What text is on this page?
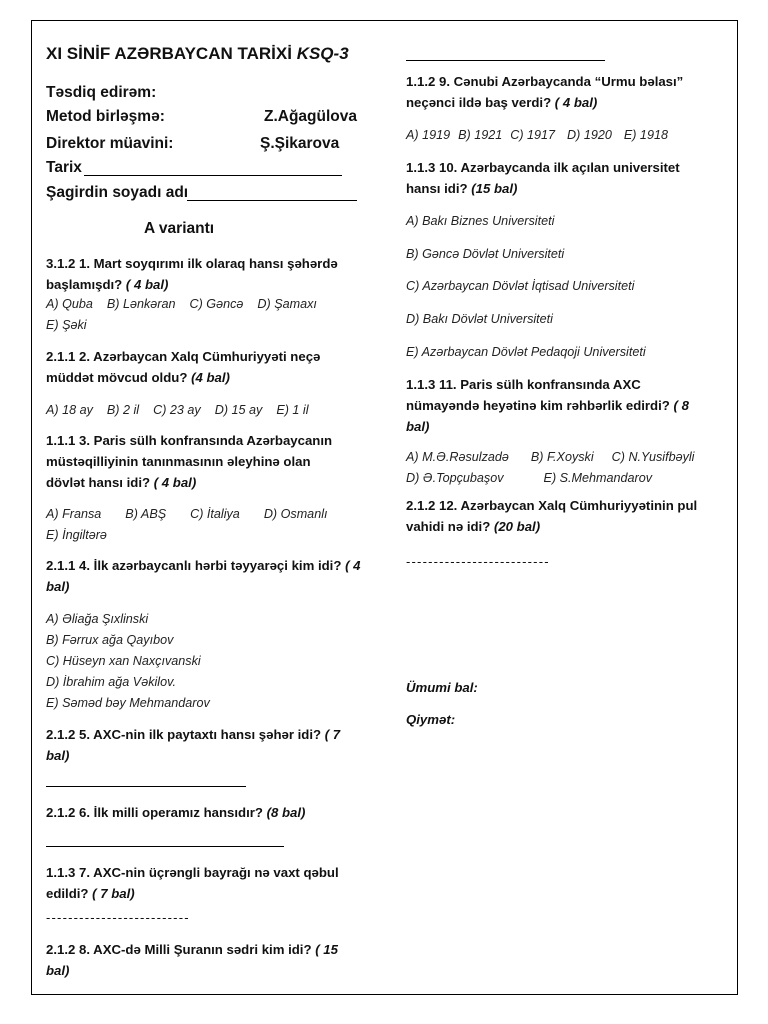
XI SİNİF AZƏRBAYCAN TARİXİ KSQ-3
Təsdiq edirəm:
Metod birləşmə:	Z.Ağagülova
Direktor müavini:	Ş.Şikarova
Tarix
Şagirdin soyadı adı
A variantı
3.1.2 1. Mart soyqırımı ilk olaraq hansı şəhərdə başlamışdı? ( 4 bal)
A) Quba B) Lənkəran C) Gəncə D) Şamaxı
E) Şəki
2.1.1 2. Azərbaycan Xalq Cümhuriyyəti neçə müddət mövcud oldu? (4 bal)
A) 18 ay B) 2 il C) 23 ay D) 15 ay E) 1 il
1.1.1 3. Paris sülh konfransında Azərbaycanın müstəqilliyinin tanınmasının əleyhinə olan dövlət hansı idi? ( 4 bal)
A) Fransa B) ABŞ C) İtaliya D) Osmanlı
E) İngiltərə
2.1.1 4. İlk azərbaycanlı hərbi təyyarəçi kim idi? ( 4 bal)
A) Əliağa Şıxlinski
B) Fərrux ağa Qayıbov
C) Hüseyn xan Naxçıvanski
D) İbrahim ağa Vəkilov.
E) Səməd bəy Mehmandarov
2.1.2 5. AXC-nin ilk paytaxtı hansı şəhər idi? ( 7 bal)
2.1.2 6. İlk milli operamız hansıdır? (8 bal)
1.1.3 7. AXC-nin üçrəngli bayrağı nə vaxt qəbul edildi? ( 7 bal)
--------------------------
2.1.2 8. AXC-də Milli Şuranın sədri kim idi? ( 15 bal)
1.1.2 9. Cənubi Azərbaycanda “Urmu bəlası” neçənci ildə baş verdi? ( 4 bal)
A) 1919 B) 1921 C) 1917 D) 1920 E) 1918
1.1.3 10. Azərbaycanda ilk açılan universitet hansı idi? (15 bal)
A) Bakı Biznes Universiteti
B) Gəncə Dövlət Universiteti
C) Azərbaycan Dövlət İqtisad Universiteti
D) Bakı Dövlət Universiteti
E) Azərbaycan Dövlət Pedaqoji Universiteti
1.1.3 11. Paris sülh konfransında AXC nümayəndə heyətinə kim rəhbərlik edirdi? ( 8 bal)
A) M.Ə.Rəsulzadə B) F.Xoyski C) N.Yusifbəyli
D) Ə.Topçubaşov	E) S.Mehmandarov
2.1.2 12. Azərbaycan Xalq Cümhuriyyətinin pul vahidi nə idi? (20 bal)
--------------------------
Ümumi bal:
Qiymət:
